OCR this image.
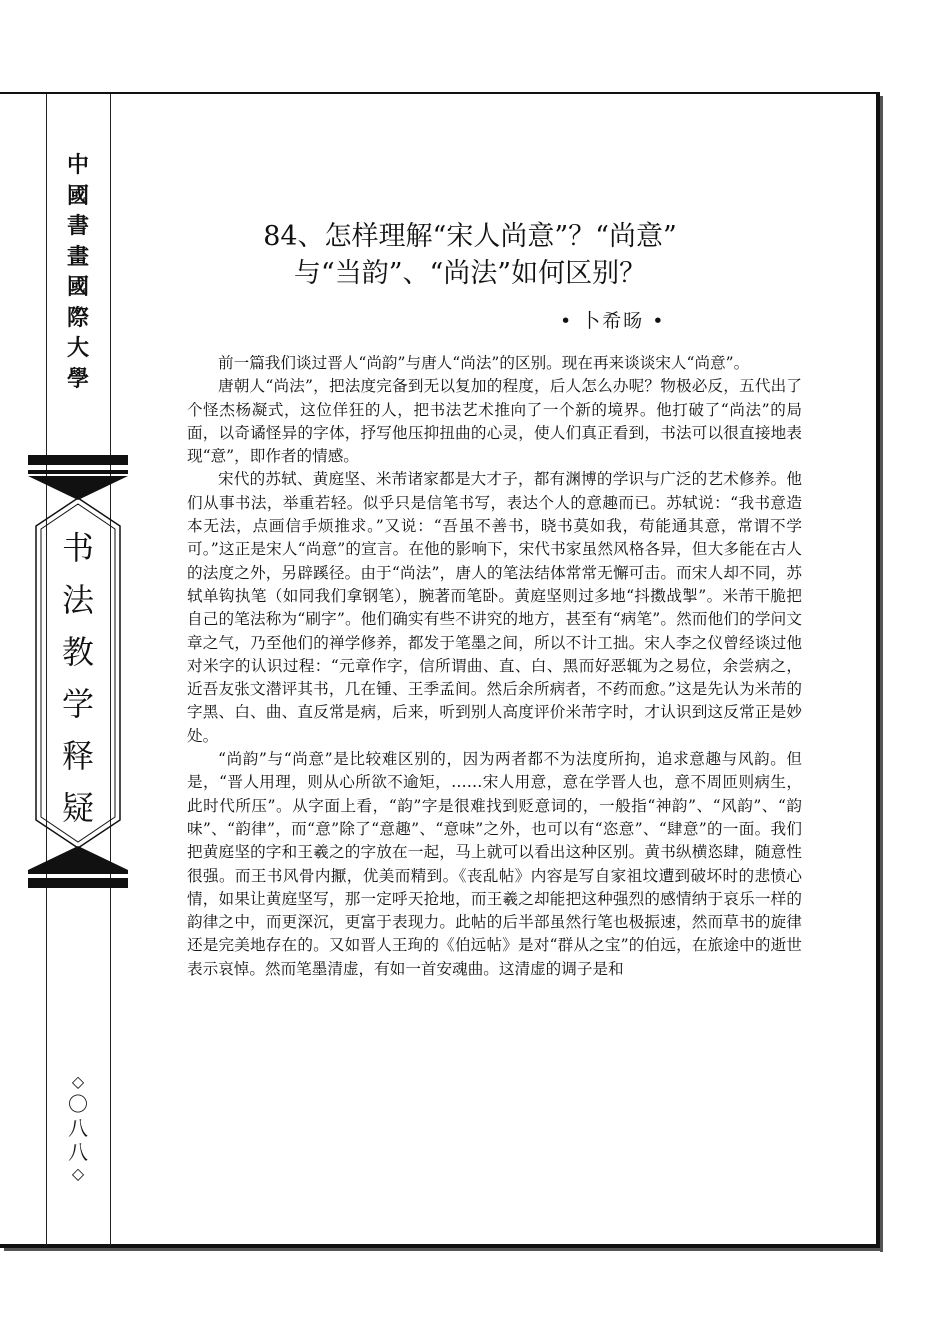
中
國
書
畫
國
際
大
學
书
法
教
学
释
疑
◇
〇
八
八
◇
84、怎样理解“宋人尚意”？“尚意”
与“当韵”、“尚法”如何区别？
• 卜希旸 •

前一篇我们谈过晋人“尚韵”与唐人“尚法”的区别。现在再来谈谈宋人“尚意”。

唐朝人“尚法”，把法度完备到无以复加的程度，后人怎么办呢？物极必反，五代出了个怪杰杨凝式，这位佯狂的人，把书法艺术推向了一个新的境界。他打破了“尚法”的局面，以奇谲怪异的字体，抒写他压抑扭曲的心灵，使人们真正看到，书法可以很直接地表现“意”，即作者的情感。

宋代的苏轼、黄庭坚、米芾诸家都是大才子，都有渊博的学识与广泛的艺术修养。他们从事书法，举重若轻。似乎只是信笔书写，表达个人的意趣而已。苏轼说：“我书意造本无法，点画信手烦推求。”又说：“吾虽不善书，晓书莫如我，苟能通其意，常谓不学可。”这正是宋人“尚意”的宣言。在他的影响下，宋代书家虽然风格各异，但大多能在古人的法度之外，另辟蹊径。由于“尚法”，唐人的笔法结体常常无懈可击。而宋人却不同，苏轼单钩执笔（如同我们拿钢笔），腕著而笔卧。黄庭坚则过多地“抖擞战掣”。米芾干脆把自己的笔法称为“刷字”。他们确实有些不讲究的地方，甚至有“病笔”。然而他们的学问文章之气，乃至他们的禅学修养，都发于笔墨之间，所以不计工拙。宋人李之仪曾经谈过他对米字的认识过程：“元章作字，信所谓曲、直、白、黑而好恶辄为之易位，余尝病之，近吾友张文潜评其书，几在锺、王季孟间。然后余所病者，不药而愈。”这是先认为米芾的字黑、白、曲、直反常是病，后来，听到别人高度评价米芾字时，才认识到这反常正是妙处。

“尚韵”与“尚意”是比较难区别的，因为两者都不为法度所拘，追求意趣与风韵。但是，“晋人用理，则从心所欲不逾矩，……宋人用意，意在学晋人也，意不周匝则病生，此时代所压”。从字面上看，“韵”字是很难找到贬意词的，一般指“神韵”、“风韵”、“韵味”、“韵律”，而“意”除了“意趣”、“意味”之外，也可以有“恣意”、“肆意”的一面。我们把黄庭坚的字和王羲之的字放在一起，马上就可以看出这种区别。黄书纵横恣肆，随意性很强。而王书风骨内擫，优美而精到。《丧乱帖》内容是写自家祖坟遭到破坏时的悲愤心情，如果让黄庭坚写，那一定呼天抢地，而王羲之却能把这种强烈的感情纳于哀乐一样的韵律之中，而更深沉，更富于表现力。此帖的后半部虽然行笔也极振速，然而草书的旋律还是完美地存在的。又如晋人王珣的《伯远帖》是对“群从之宝”的伯远，在旅途中的逝世表示哀悼。然而笔墨清虚，有如一首安魂曲。这清虚的调子是和
